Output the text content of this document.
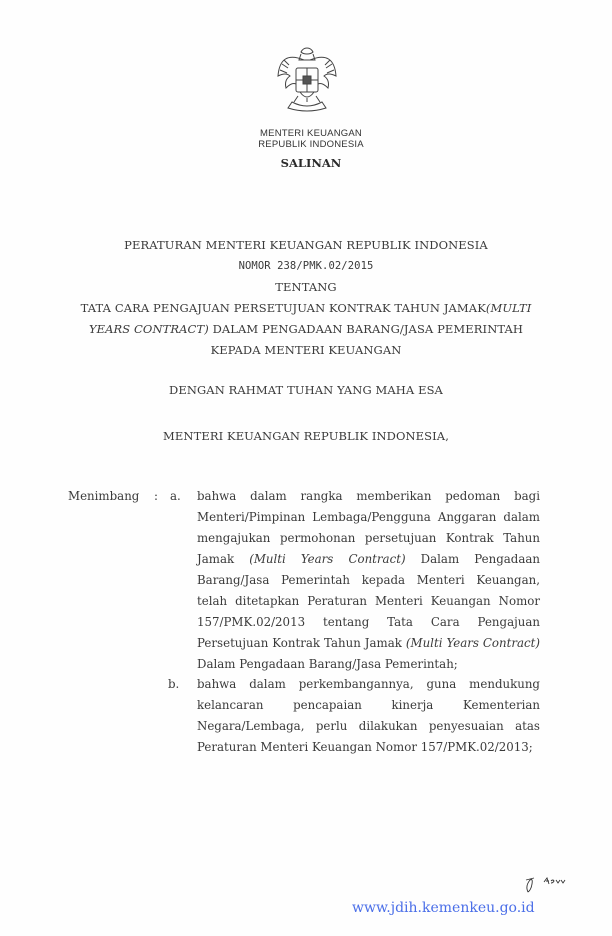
MENTERI KEUANGAN
REPUBLIK INDONESIA
SALINAN
PERATURAN MENTERI KEUANGAN REPUBLIK INDONESIA
NOMOR 238/PMK.02/2015
TENTANG
TATA CARA PENGAJUAN PERSETUJUAN KONTRAK TAHUN JAMAK(MULTI
YEARS CONTRACT) DALAM PENGADAAN BARANG/JASA PEMERINTAH
KEPADA MENTERI KEUANGAN
DENGAN RAHMAT TUHAN YANG MAHA ESA
MENTERI KEUANGAN REPUBLIK INDONESIA,
Menimbang : a. bahwa dalam rangka memberikan pedoman bagi
Menteri/Pimpinan Lembaga/Pengguna Anggaran dalam
mengajukan permohonan persetujuan Kontrak Tahun
Jamak (Multi Years Contract) Dalam Pengadaan
Barang/Jasa Pemerintah kepada Menteri Keuangan,
telah ditetapkan Peraturan Menteri Keuangan Nomor
157/PMK.02/2013 tentang Tata Cara Pengajuan
Persetujuan Kontrak Tahun Jamak (Multi Years Contract)
Dalam Pengadaan Barang/Jasa Pemerintah;
b. bahwa dalam perkembangannya, guna mendukung
kelancaran pencapaian kinerja Kementerian
Negara/Lembaga, perlu dilakukan penyesuaian atas
Peraturan Menteri Keuangan Nomor 157/PMK.02/2013;
www.jdih.kemenkeu.go.id
